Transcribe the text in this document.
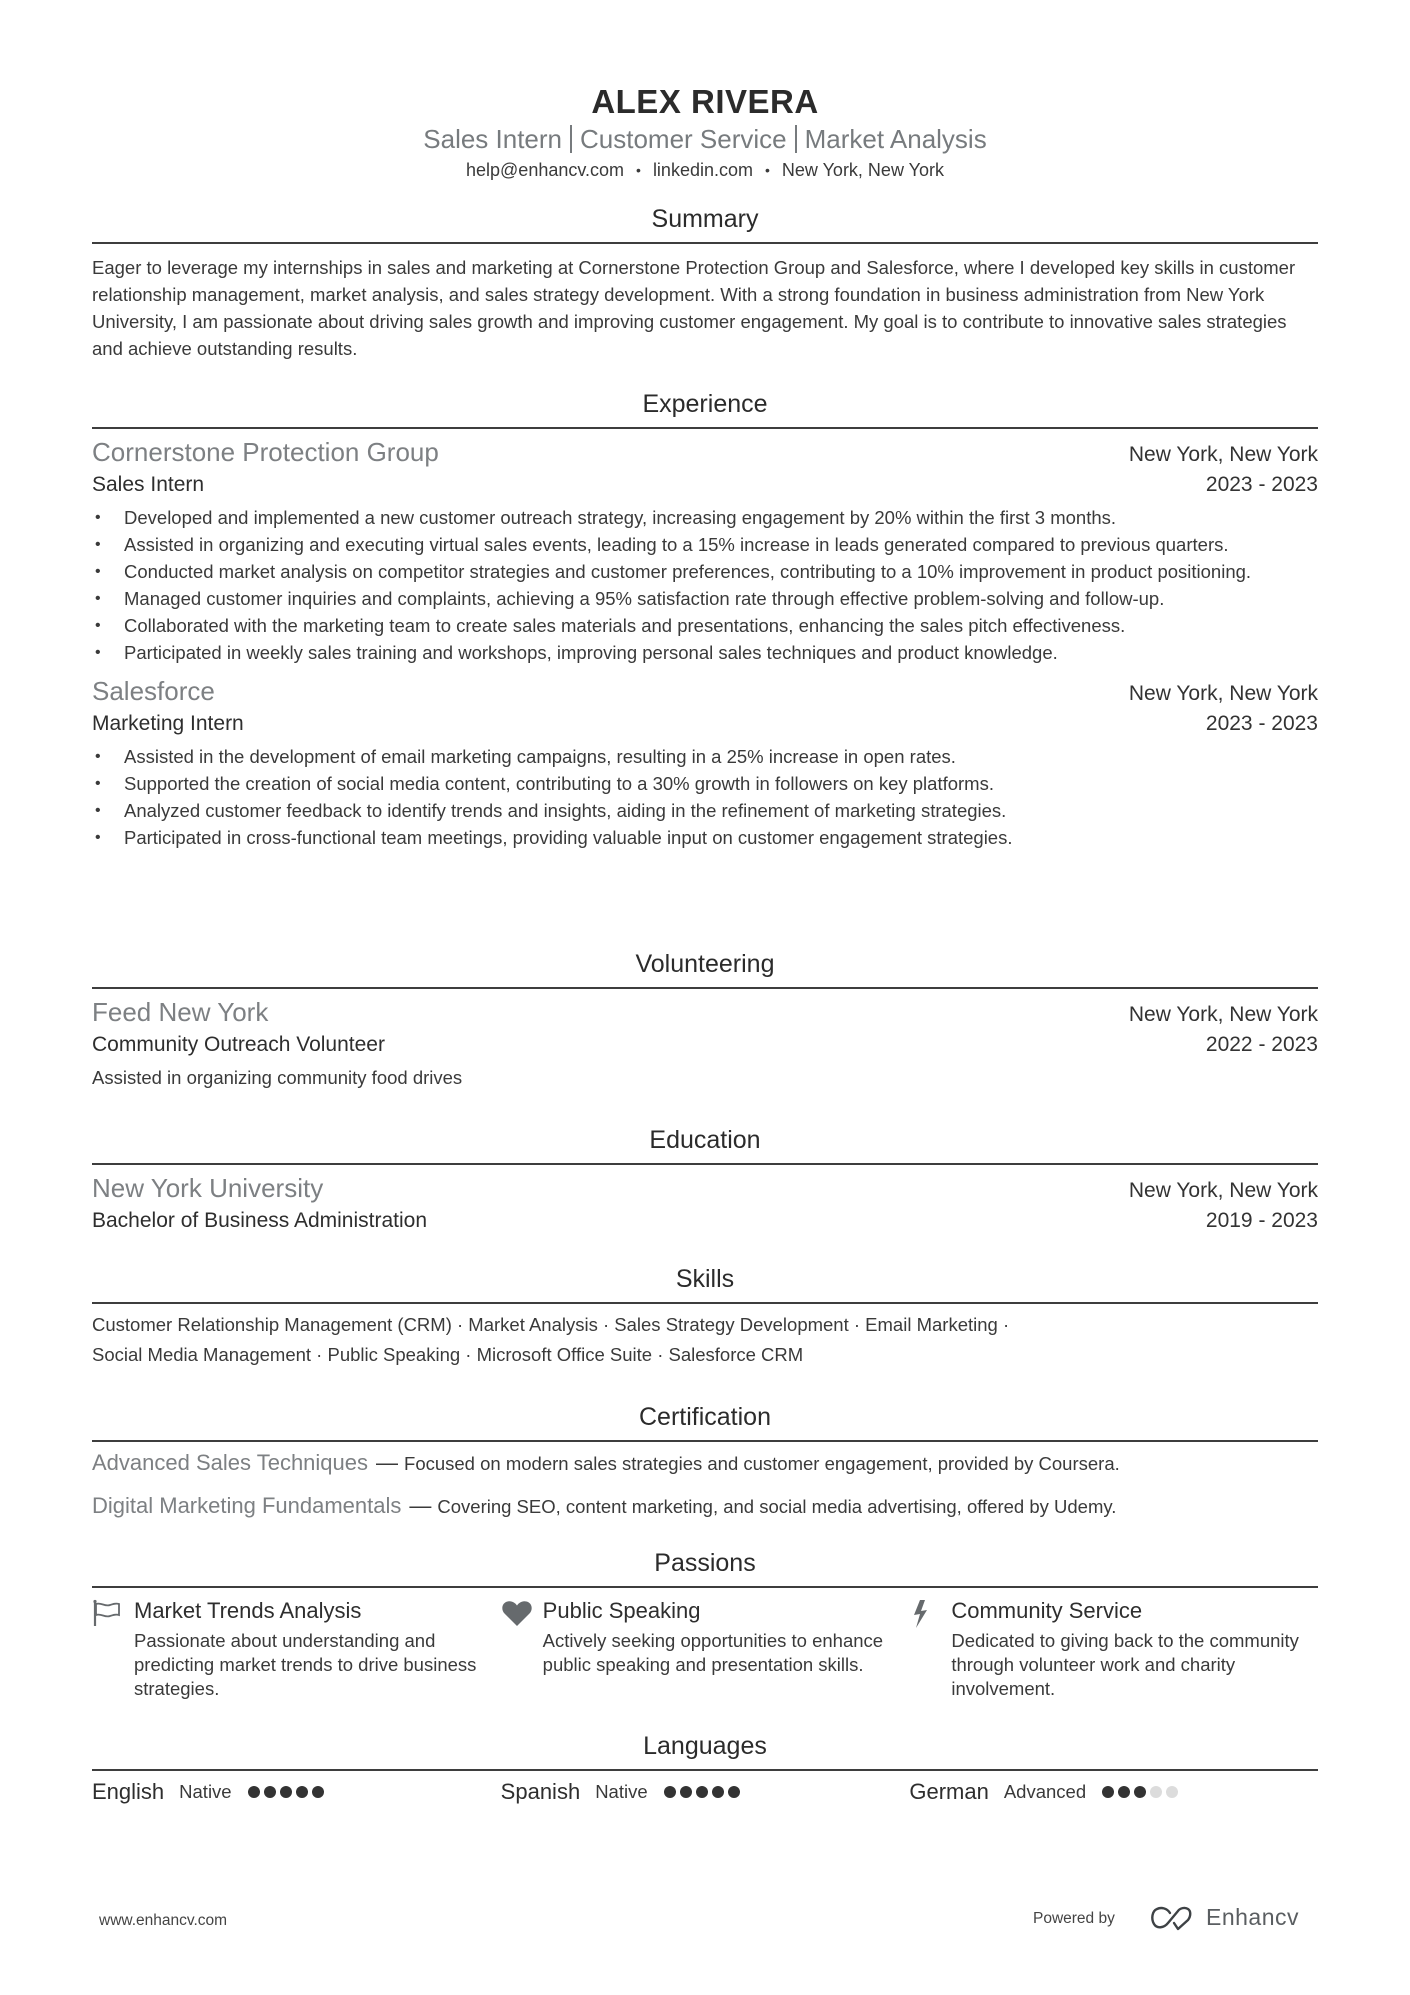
ALEX RIVERA
Sales Intern Customer Service Market Analysis
help@enhancv.com • linkedin.com • New York, New York
Summary
Eager to leverage my internships in sales and marketing at Cornerstone Protection Group and Salesforce, where I developed key skills in customer relationship management, market analysis, and sales strategy development. With a strong foundation in business administration from New York University, I am passionate about driving sales growth and improving customer engagement. My goal is to contribute to innovative sales strategies and achieve outstanding results.
Experience
Cornerstone Protection Group	New York, New York
Sales Intern	2023 - 2023
• Developed and implemented a new customer outreach strategy, increasing engagement by 20% within the first 3 months.
• Assisted in organizing and executing virtual sales events, leading to a 15% increase in leads generated compared to previous quarters.
• Conducted market analysis on competitor strategies and customer preferences, contributing to a 10% improvement in product positioning.
• Managed customer inquiries and complaints, achieving a 95% satisfaction rate through effective problem-solving and follow-up.
• Collaborated with the marketing team to create sales materials and presentations, enhancing the sales pitch effectiveness.
• Participated in weekly sales training and workshops, improving personal sales techniques and product knowledge.
Salesforce	New York, New York
Marketing Intern	2023 - 2023
• Assisted in the development of email marketing campaigns, resulting in a 25% increase in open rates.
• Supported the creation of social media content, contributing to a 30% growth in followers on key platforms.
• Analyzed customer feedback to identify trends and insights, aiding in the refinement of marketing strategies.
• Participated in cross-functional team meetings, providing valuable input on customer engagement strategies.
Volunteering
Feed New York	New York, New York
Community Outreach Volunteer	2022 - 2023
Assisted in organizing community food drives
Education
New York University	New York, New York
Bachelor of Business Administration	2019 - 2023
Skills
Customer Relationship Management (CRM) · Market Analysis · Sales Strategy Development · Email Marketing ·
Social Media Management · Public Speaking · Microsoft Office Suite · Salesforce CRM
Certification
Advanced Sales Techniques — Focused on modern sales strategies and customer engagement, provided by Coursera.
Digital Marketing Fundamentals — Covering SEO, content marketing, and social media advertising, offered by Udemy.
Passions
Market Trends Analysis
Passionate about understanding and predicting market trends to drive business strategies.
Public Speaking
Actively seeking opportunities to enhance public speaking and presentation skills.
Community Service
Dedicated to giving back to the community through volunteer work and charity involvement.
Languages
English Native	Spanish Native	German Advanced
www.enhancv.com	Powered by	Enhancv
